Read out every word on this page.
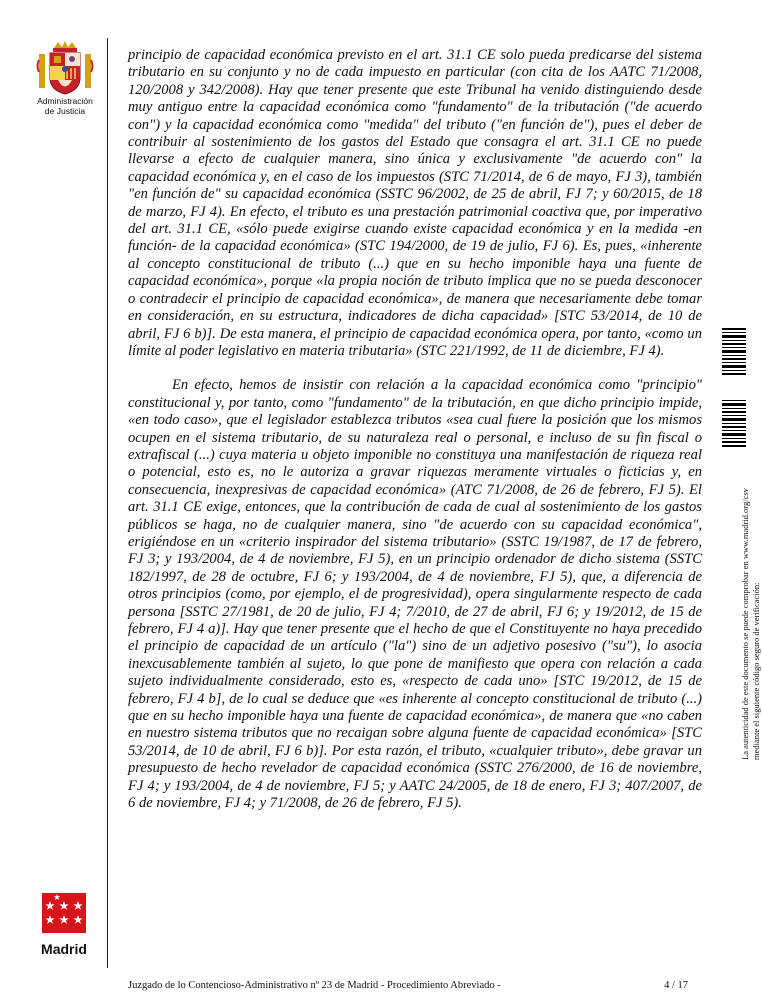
Administración
de Justicia

principio de capacidad económica previsto en el art. 31.1 CE solo pueda predicarse del sistema tributario en su conjunto y no de cada impuesto en particular (con cita de los AATC 71/2008, 120/2008 y 342/2008). Hay que tener presente que este Tribunal ha venido distinguiendo desde muy antiguo entre la capacidad económica como "fundamento" de la tributación ("de acuerdo con") y la capacidad económica como "medida" del tributo ("en función de"), pues el deber de contribuir al sostenimiento de los gastos del Estado que consagra el art. 31.1 CE no puede llevarse a efecto de cualquier manera, sino única y exclusivamente "de acuerdo con" la capacidad económica y, en el caso de los impuestos (STC 71/2014, de 6 de mayo, FJ 3), también "en función de" su capacidad económica (SSTC 96/2002, de 25 de abril, FJ 7; y 60/2015, de 18 de marzo, FJ 4). En efecto, el tributo es una prestación patrimonial coactiva que, por imperativo del art. 31.1 CE, «sólo puede exigirse cuando existe capacidad económica y en la medida -en función- de la capacidad económica» (STC 194/2000, de 19 de julio, FJ 6). Es, pues, «inherente al concepto constitucional de tributo (...) que en su hecho imponible haya una fuente de capacidad económica», porque «la propia noción de tributo implica que no se pueda desconocer o contradecir el principio de capacidad económica», de manera que necesariamente debe tomar en consideración, en su estructura, indicadores de dicha capacidad» [STC 53/2014, de 10 de abril, FJ 6 b)]. De esta manera, el principio de capacidad económica opera, por tanto, «como un límite al poder legislativo en materia tributaria» (STC 221/1992, de 11 de diciembre, FJ 4).

En efecto, hemos de insistir con relación a la capacidad económica como "principio" constitucional y, por tanto, como "fundamento" de la tributación, en que dicho principio impide, «en todo caso», que el legislador establezca tributos «sea cual fuere la posición que los mismos ocupen en el sistema tributario, de su naturaleza real o personal, e incluso de su fin fiscal o extrafiscal (...) cuya materia u objeto imponible no constituya una manifestación de riqueza real o potencial, esto es, no le autoriza a gravar riquezas meramente virtuales o ficticias y, en consecuencia, inexpresivas de capacidad económica» (ATC 71/2008, de 26 de febrero, FJ 5). El art. 31.1 CE exige, entonces, que la contribución de cada de cual al sostenimiento de los gastos públicos se haga, no de cualquier manera, sino "de acuerdo con su capacidad económica", erigiéndose en un «criterio inspirador del sistema tributario» (SSTC 19/1987, de 17 de febrero, FJ 3; y 193/2004, de 4 de noviembre, FJ 5), en un principio ordenador de dicho sistema (SSTC 182/1997, de 28 de octubre, FJ 6; y 193/2004, de 4 de noviembre, FJ 5), que, a diferencia de otros principios (como, por ejemplo, el de progresividad), opera singularmente respecto de cada persona [SSTC 27/1981, de 20 de julio, FJ 4; 7/2010, de 27 de abril, FJ 6; y 19/2012, de 15 de febrero, FJ 4 a)]. Hay que tener presente que el hecho de que el Constituyente no haya precedido el principio de capacidad de un artículo ("la") sino de un adjetivo posesivo ("su"), lo asocia inexcusablemente también al sujeto, lo que pone de manifiesto que opera con relación a cada sujeto individualmente considerado, esto es, «respecto de cada uno» [STC 19/2012, de 15 de febrero, FJ 4 b], de lo cual se deduce que «es inherente al concepto constitucional de tributo (...) que en su hecho imponible haya una fuente de capacidad económica», de manera que «no caben en nuestro sistema tributos que no recaigan sobre alguna fuente de capacidad económica» [STC 53/2014, de 10 de abril, FJ 6 b)]. Por esta razón, el tributo, «cualquier tributo», debe gravar un presupuesto de hecho revelador de capacidad económica (SSTC 276/2000, de 16 de noviembre, FJ 4; y 193/2004, de 4 de noviembre, FJ 5; y AATC 24/2005, de 18 de enero, FJ 3; 407/2007, de 6 de noviembre, FJ 4; y 71/2008, de 26 de febrero, FJ 5).

La autenticidad de este documento se puede comprobar en www.madrid.org/csv mediante el siguiente código seguro de verificación:
Madrid
Juzgado de lo Contencioso-Administrativo nº 23 de Madrid - Procedimiento Abreviado -	4 / 17
